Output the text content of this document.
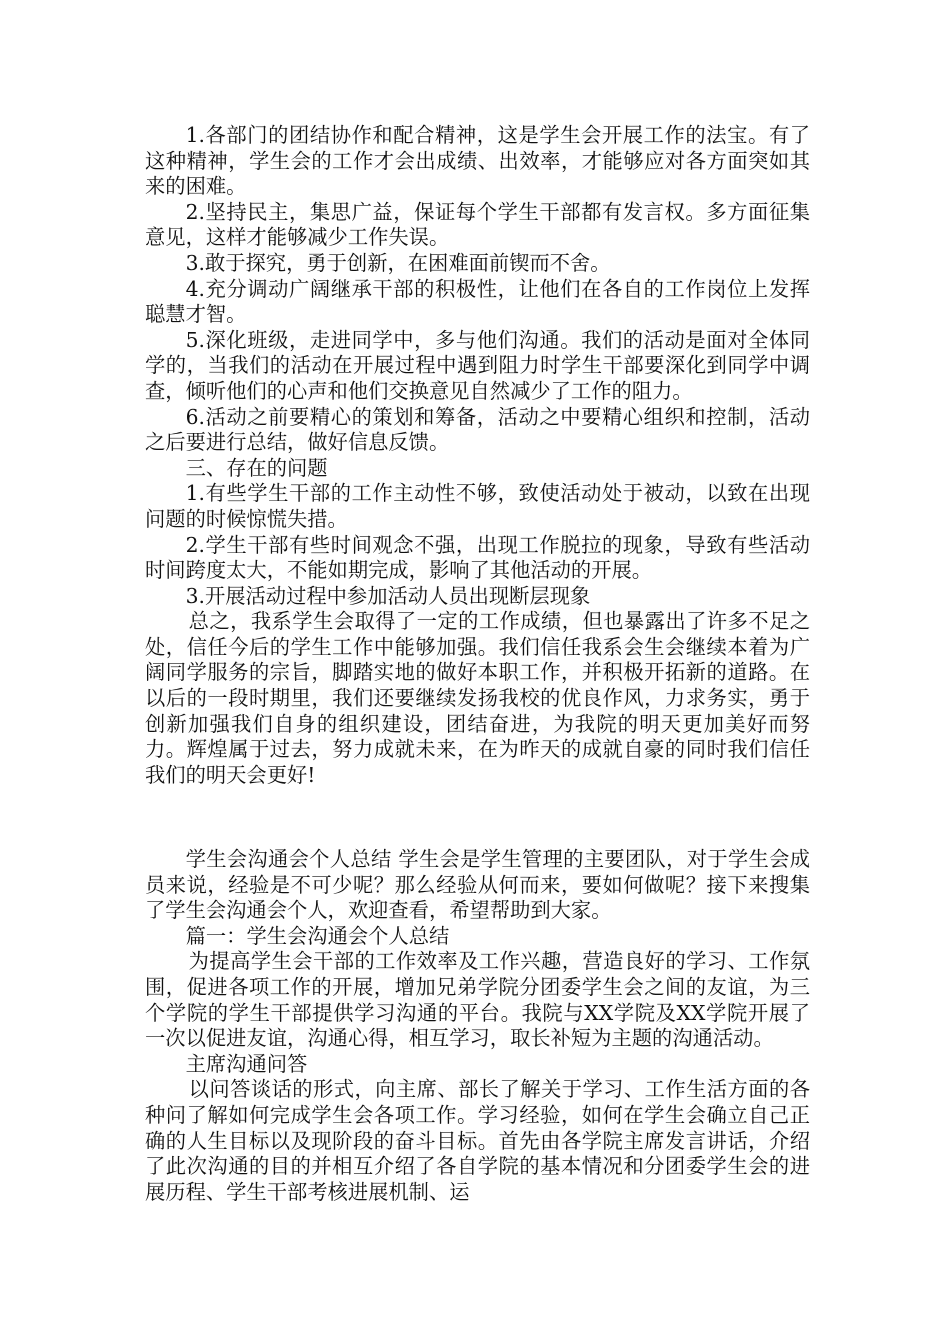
1.各部门的团结协作和配合精神，这是学生会开展工作的法宝。有了这种精神，学生会的工作才会出成绩、出效率，才能够应对各方面突如其来的困难。

2.坚持民主，集思广益，保证每个学生干部都有发言权。多方面征集意见，这样才能够减少工作失误。

3.敢于探究，勇于创新，在困难面前锲而不舍。

4.充分调动广阔继承干部的积极性，让他们在各自的工作岗位上发挥聪慧才智。

5.深化班级，走进同学中，多与他们沟通。我们的活动是面对全体同学的，当我们的活动在开展过程中遇到阻力时学生干部要深化到同学中调查，倾听他们的心声和他们交换意见自然减少了工作的阻力。

6.活动之前要精心的策划和筹备，活动之中要精心组织和控制，活动之后要进行总结，做好信息反馈。

三、存在的问题

1.有些学生干部的工作主动性不够，致使活动处于被动，以致在出现问题的时候惊慌失措。

2.学生干部有些时间观念不强，出现工作脱拉的现象，导致有些活动时间跨度太大，不能如期完成，影响了其他活动的开展。

3.开展活动过程中参加活动人员出现断层现象

总之，我系学生会取得了一定的工作成绩，但也暴露出了许多不足之处，信任今后的学生工作中能够加强。我们信任我系会生会继续本着为广阔同学服务的宗旨，脚踏实地的做好本职工作，并积极开拓新的道路。在以后的一段时期里，我们还要继续发扬我校的优良作风，力求务实，勇于创新加强我们自身的组织建设，团结奋进，为我院的明天更加美好而努力。辉煌属于过去，努力成就未来，在为昨天的成就自豪的同时我们信任我们的明天会更好!

学生会沟通会个人总结 学生会是学生管理的主要团队，对于学生会成员来说，经验是不可少呢？那么经验从何而来，要如何做呢？接下来搜集了学生会沟通会个人，欢迎查看，希望帮助到大家。

篇一：学生会沟通会个人总结

为提高学生会干部的工作效率及工作兴趣，营造良好的学习、工作氛围，促进各项工作的开展，增加兄弟学院分团委学生会之间的友谊，为三个学院的学生干部提供学习沟通的平台。我院与XX学院及XX学院开展了一次以促进友谊，沟通心得，相互学习，取长补短为主题的沟通活动。

主席沟通问答

以问答谈话的形式，向主席、部长了解关于学习、工作生活方面的各种问了解如何完成学生会各项工作。学习经验，如何在学生会确立自己正确的人生目标以及现阶段的奋斗目标。首先由各学院主席发言讲话，介绍了此次沟通的目的并相互介绍了各自学院的基本情况和分团委学生会的进展历程、学生干部考核进展机制、运
